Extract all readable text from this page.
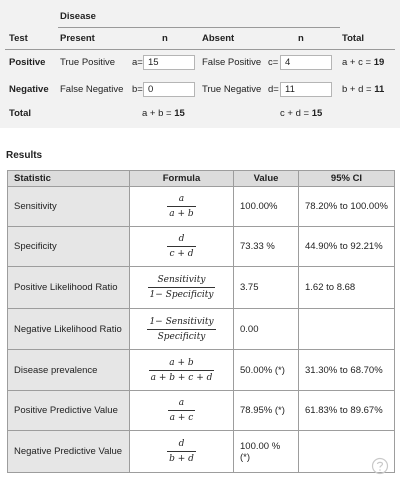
Disease
Test	Present	n	Absent	n	Total
Positive True Positive a= 15	False Positive c= 4	a + c = 19
Negative False Negative b= 0	True Negative d= 11	b + d = 11
Total	a + b = 15	c + d = 15
Results
Statistic	Formula	Value	95% CI
Sensitivity	$\frac{a}{a + b}$	100.00%	78.20% to 100.00%
Specificity	$\frac{d}{c + d}$	73.33 %	44.90% to 92.21%
Positive Likelihood Ratio	$\frac{\text{Sensitivity}}{\text{1− Specificity}}$	3.75	1.62 to 8.68
Negative Likelihood Ratio	$\frac{\text{1− Sensitivity}}{\text{Specificity}}$	0.00	
Disease prevalence	$\frac{a + b}{a + b + c + d}$	50.00% (*)	31.30% to 68.70%
Positive Predictive Value	$\frac{a}{a + c}$	78.95% (*)	61.83% to 89.67%
Negative Predictive Value	$\frac{d}{b + d}$	100.00 % (*)	
